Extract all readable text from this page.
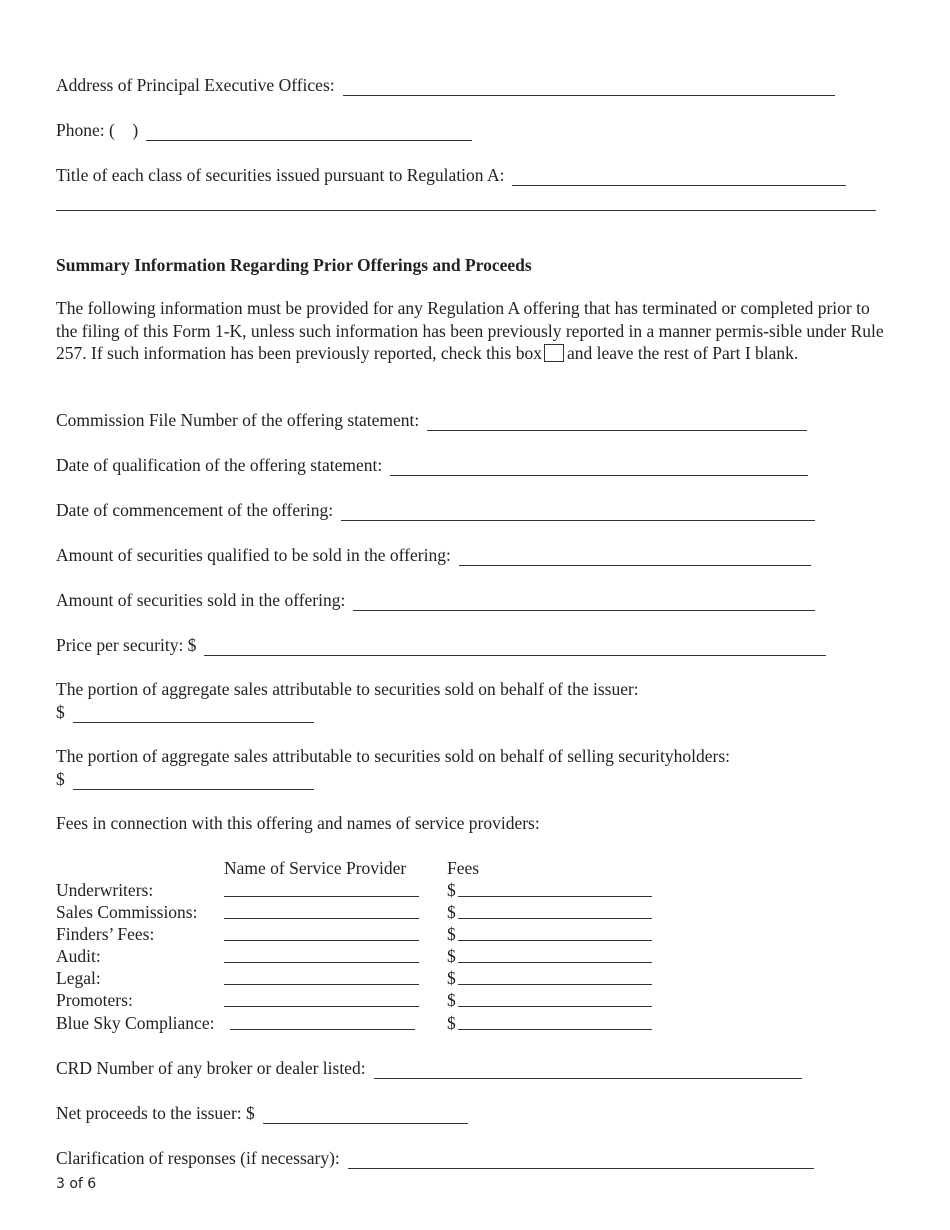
Address of Principal Executive Offices:
Phone: (    )
Title of each class of securities issued pursuant to Regulation A:
Summary Information Regarding Prior Offerings and Proceeds
The following information must be provided for any Regulation A offering that has terminated or completed prior to the filing of this Form 1-K, unless such information has been previously reported in a manner permis-sible under Rule 257. If such information has been previously reported, check this box and leave the rest of Part I blank.
Commission File Number of the offering statement:
Date of qualification of the offering statement:
Date of commencement of the offering:
Amount of securities qualified to be sold in the offering:
Amount of securities sold in the offering:
Price per security: $
The portion of aggregate sales attributable to securities sold on behalf of the issuer:
$
The portion of aggregate sales attributable to securities sold on behalf of selling securityholders:
$
Fees in connection with this offering and names of service providers:
Name of Service Provider Fees
Underwriters:	$
Sales Commissions:	$
Finders’ Fees:	$
Audit:	$
Legal:	$
Promoters:	$
Blue Sky Compliance:	$
CRD Number of any broker or dealer listed:
Net proceeds to the issuer: $
Clarification of responses (if necessary):
3 of 6
